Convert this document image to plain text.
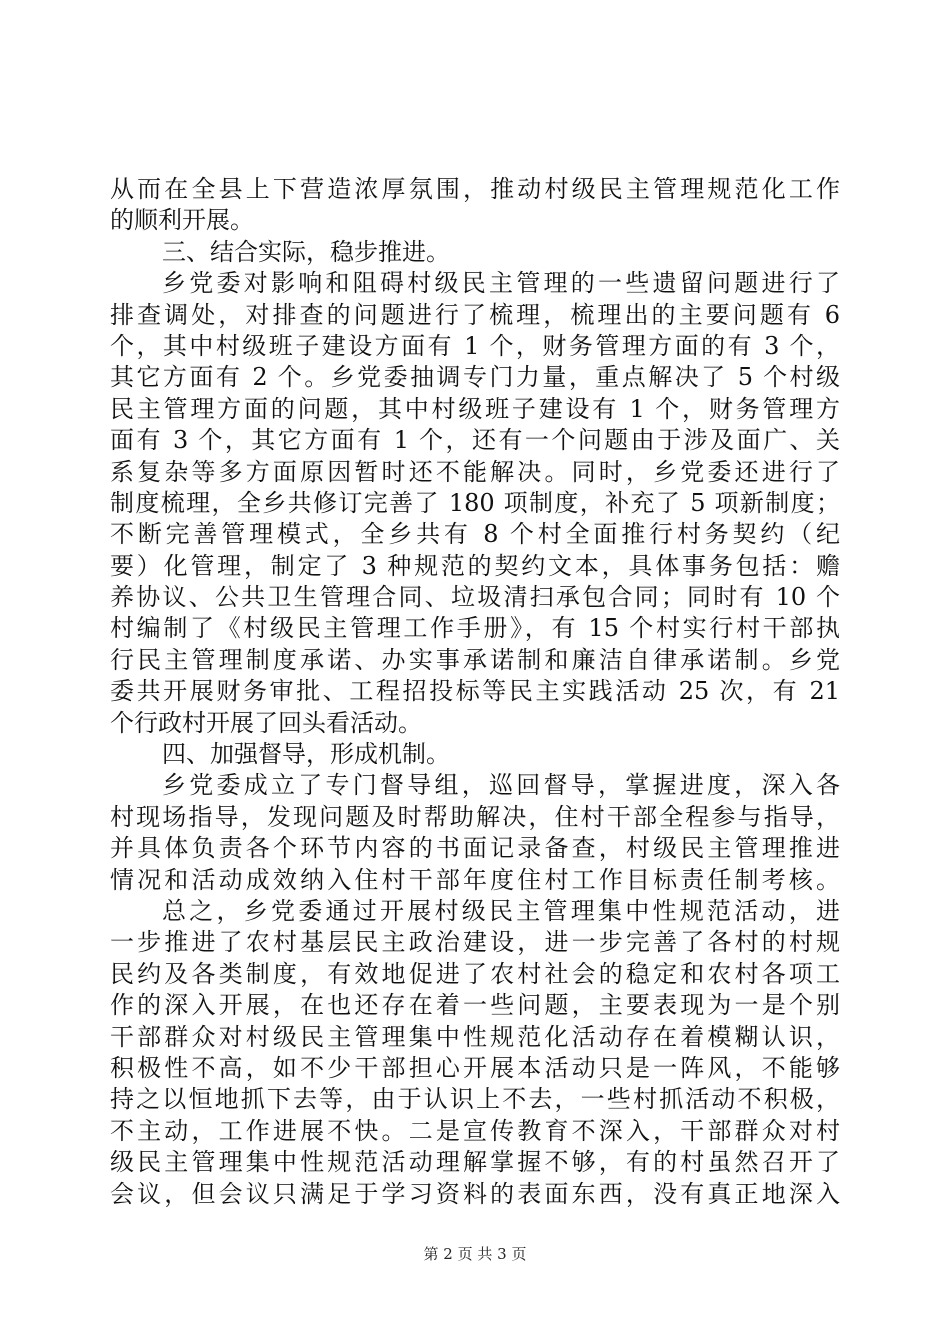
从而在全县上下营造浓厚氛围，推动村级民主管理规范化工作
的顺利开展。
三、结合实际，稳步推进。
乡党委对影响和阻碍村级民主管理的一些遗留问题进行了
排查调处，对排查的问题进行了梳理，梳理出的主要问题有 6
个，其中村级班子建设方面有 1 个，财务管理方面的有 3 个，
其它方面有 2 个。乡党委抽调专门力量，重点解决了 5 个村级
民主管理方面的问题，其中村级班子建设有 1 个，财务管理方
面有 3 个，其它方面有 1 个，还有一个问题由于涉及面广、关
系复杂等多方面原因暂时还不能解决。同时，乡党委还进行了
制度梳理，全乡共修订完善了 180 项制度，补充了 5 项新制度；
不断完善管理模式，全乡共有 8 个村全面推行村务契约（纪
要）化管理，制定了 3 种规范的契约文本，具体事务包括：赡
养协议、公共卫生管理合同、垃圾清扫承包合同；同时有 10 个
村编制了《村级民主管理工作手册》，有 15 个村实行村干部执
行民主管理制度承诺、办实事承诺制和廉洁自律承诺制。乡党
委共开展财务审批、工程招投标等民主实践活动 25 次，有 21
个行政村开展了回头看活动。
四、加强督导，形成机制。
乡党委成立了专门督导组，巡回督导，掌握进度，深入各
村现场指导，发现问题及时帮助解决，住村干部全程参与指导，
并具体负责各个环节内容的书面记录备查，村级民主管理推进
情况和活动成效纳入住村干部年度住村工作目标责任制考核。
总之，乡党委通过开展村级民主管理集中性规范活动，进
一步推进了农村基层民主政治建设，进一步完善了各村的村规
民约及各类制度，有效地促进了农村社会的稳定和农村各项工
作的深入开展，在也还存在着一些问题，主要表现为一是个别
干部群众对村级民主管理集中性规范化活动存在着模糊认识，
积极性不高，如不少干部担心开展本活动只是一阵风，不能够
持之以恒地抓下去等，由于认识上不去，一些村抓活动不积极，
不主动，工作进展不快。二是宣传教育不深入，干部群众对村
级民主管理集中性规范活动理解掌握不够，有的村虽然召开了
会议，但会议只满足于学习资料的表面东西，没有真正地深入
第 2 页 共 3 页
